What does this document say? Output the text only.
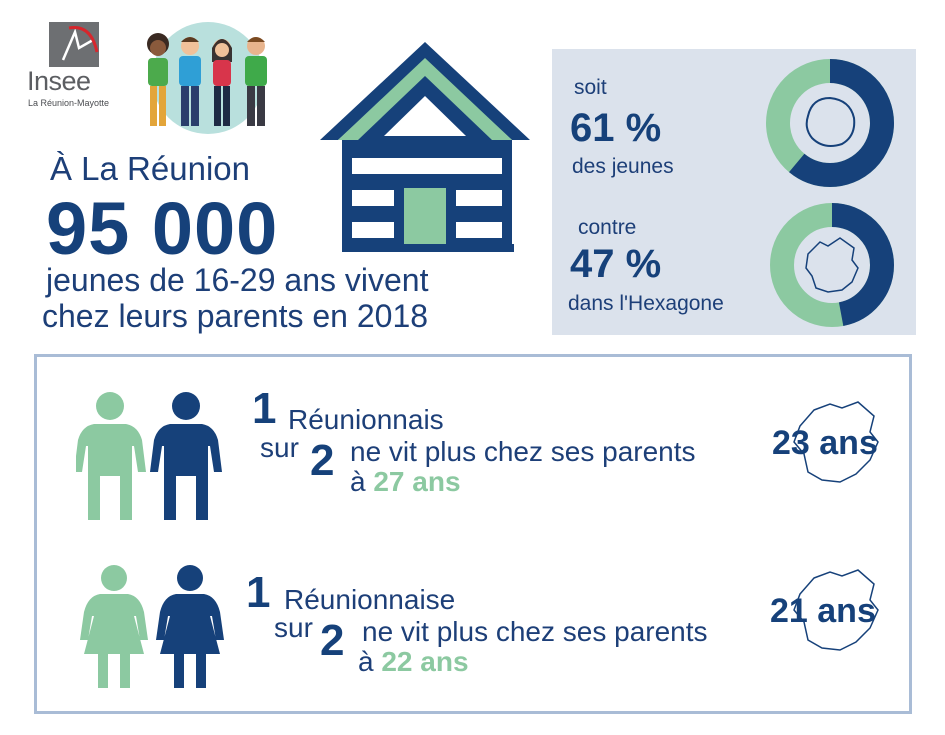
Insee
La Réunion-Mayotte
À La Réunion
95 000
jeunes de 16-29 ans vivent
chez leurs parents en 2018
soit
61 %
des jeunes
contre
47 %
dans l'Hexagone
1 Réunionnais
sur 2 ne vit plus chez ses parents
à 27 ans
23 ans
1 Réunionnaise
sur 2 ne vit plus chez ses parents
à 22 ans
21 ans
